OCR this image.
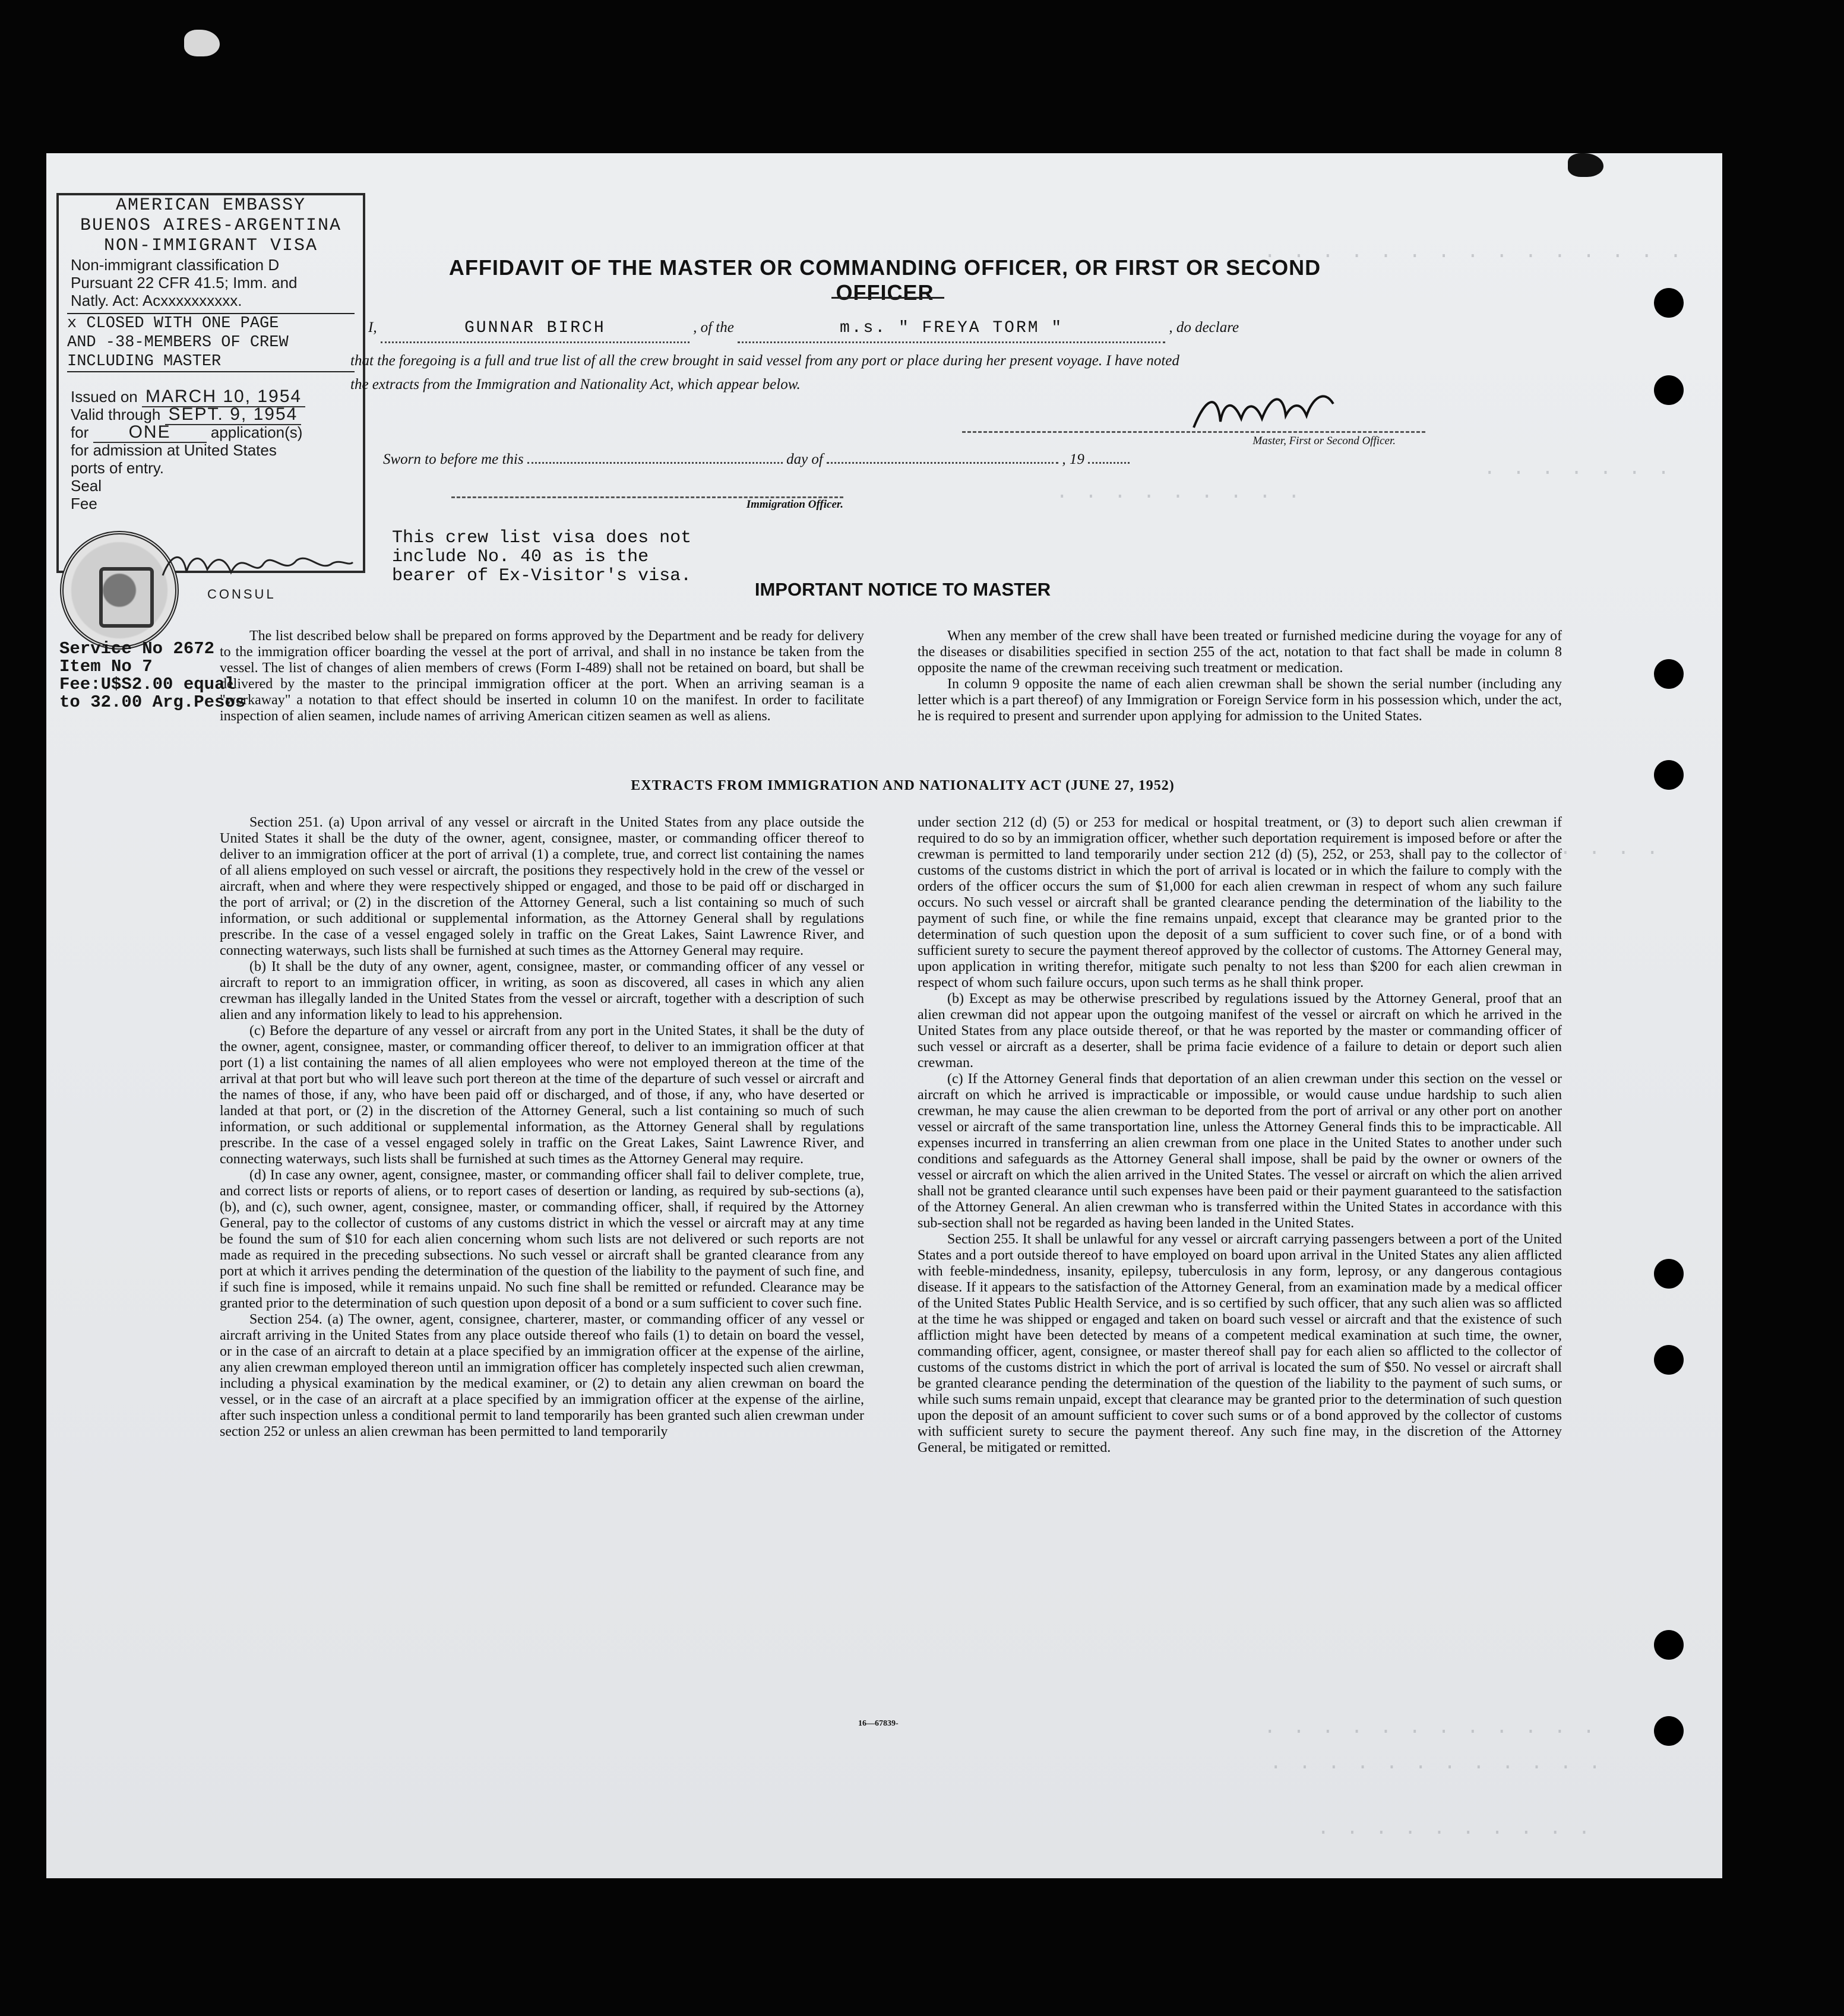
· · · · · · · · · · · · · · ·
· · · · · · ·
· · · · · · · · ·
· · · · · ·
· · · · · · · · · · · ·
· · · · · · · · · · · ·
· · · · · · · · · ·
AMERICAN EMBASSY
BUENOS AIRES-ARGENTINA
NON-IMMIGRANT VISA
Non-immigrant classification D
Pursuant 22 CFR 41.5; Imm. and
Natly. Act: Acxxxxxxxxxx.
x CLOSED WITH ONE PAGE
AND -38-MEMBERS OF CREW
INCLUDING MASTER
Issued on MARCH 10, 1954
Valid through SEPT. 9, 1954
for ONE	application(s)
for admission at United States
ports of entry.
Seal
Fee
CONSUL
Service No 2672
Item No 7
Fee:U$S2.00 equal
to 32.00 Arg.Pesos
AFFIDAVIT OF THE MASTER OR COMMANDING OFFICER, OR FIRST OR SECOND OFFICER
I,	GUNNAR BIRCH	, of the	m.s. " FREYA TORM "	, do declare
that the foregoing is a full and true list of all the crew brought in said vessel from any port or place during her present voyage. I have noted
the extracts from the Immigration and Nationality Act, which appear below.
Master, First or Second Officer.
Sworn to before me this	day of	, 19
Immigration Officer.
This crew list visa does not
include No. 40 as is the
bearer of Ex-Visitor's visa.
IMPORTANT NOTICE TO MASTER

The list described below shall be prepared on forms approved by the Department and be ready for delivery to the immigration officer boarding the vessel at the port of arrival, and shall in no instance be taken from the vessel. The list of changes of alien members of crews (Form I-489) shall not be retained on board, but shall be delivered by the master to the principal immigration officer at the port. When an arriving seaman is a "workaway" a notation to that effect should be inserted in column 10 on the manifest. In order to facilitate inspection of alien seamen, include names of arriving American citizen seamen as well as aliens.

When any member of the crew shall have been treated or furnished medicine during the voyage for any of the diseases or disabilities specified in section 255 of the act, notation to that fact shall be made in column 8 opposite the name of the crewman receiving such treatment or medication.

In column 9 opposite the name of each alien crewman shall be shown the serial number (including any letter which is a part thereof) of any Immigration or Foreign Service form in his possession which, under the act, he is required to present and surrender upon applying for admission to the United States.

EXTRACTS FROM IMMIGRATION AND NATIONALITY ACT (JUNE 27, 1952)

Section 251. (a) Upon arrival of any vessel or aircraft in the United States from any place outside the United States it shall be the duty of the owner, agent, consignee, master, or commanding officer thereof to deliver to an immigration officer at the port of arrival (1) a complete, true, and correct list containing the names of all aliens employed on such vessel or aircraft, the positions they respectively hold in the crew of the vessel or aircraft, when and where they were respectively shipped or engaged, and those to be paid off or discharged in the port of arrival; or (2) in the discretion of the Attorney General, such a list containing so much of such information, or such additional or supplemental information, as the Attorney General shall by regulations prescribe. In the case of a vessel engaged solely in traffic on the Great Lakes, Saint Lawrence River, and connecting waterways, such lists shall be furnished at such times as the Attorney General may require.

(b) It shall be the duty of any owner, agent, consignee, master, or commanding officer of any vessel or aircraft to report to an immigration officer, in writing, as soon as discovered, all cases in which any alien crewman has illegally landed in the United States from the vessel or aircraft, together with a description of such alien and any information likely to lead to his apprehension.

(c) Before the departure of any vessel or aircraft from any port in the United States, it shall be the duty of the owner, agent, consignee, master, or commanding officer thereof, to deliver to an immigration officer at that port (1) a list containing the names of all alien employees who were not employed thereon at the time of the arrival at that port but who will leave such port thereon at the time of the departure of such vessel or aircraft and the names of those, if any, who have been paid off or discharged, and of those, if any, who have deserted or landed at that port, or (2) in the discretion of the Attorney General, such a list containing so much of such information, or such additional or supplemental information, as the Attorney General shall by regulations prescribe. In the case of a vessel engaged solely in traffic on the Great Lakes, Saint Lawrence River, and connecting waterways, such lists shall be furnished at such times as the Attorney General may require.

(d) In case any owner, agent, consignee, master, or commanding officer shall fail to deliver complete, true, and correct lists or reports of aliens, or to report cases of desertion or landing, as required by sub-sections (a), (b), and (c), such owner, agent, consignee, master, or commanding officer, shall, if required by the Attorney General, pay to the collector of customs of any customs district in which the vessel or aircraft may at any time be found the sum of $10 for each alien concerning whom such lists are not delivered or such reports are not made as required in the preceding subsections. No such vessel or aircraft shall be granted clearance from any port at which it arrives pending the determination of the question of the liability to the payment of such fine, and if such fine is imposed, while it remains unpaid. No such fine shall be remitted or refunded. Clearance may be granted prior to the determination of such question upon deposit of a bond or a sum sufficient to cover such fine.

Section 254. (a) The owner, agent, consignee, charterer, master, or commanding officer of any vessel or aircraft arriving in the United States from any place outside thereof who fails (1) to detain on board the vessel, or in the case of an aircraft to detain at a place specified by an immigration officer at the expense of the airline, any alien crewman employed thereon until an immigration officer has completely inspected such alien crewman, including a physical examination by the medical examiner, or (2) to detain any alien crewman on board the vessel, or in the case of an aircraft at a place specified by an immigration officer at the expense of the airline, after such inspection unless a conditional permit to land temporarily has been granted such alien crewman under section 252 or unless an alien crewman has been permitted to land temporarily

under section 212 (d) (5) or 253 for medical or hospital treatment, or (3) to deport such alien crewman if required to do so by an immigration officer, whether such deportation requirement is imposed before or after the crewman is permitted to land temporarily under section 212 (d) (5), 252, or 253, shall pay to the collector of customs of the customs district in which the port of arrival is located or in which the failure to comply with the orders of the officer occurs the sum of $1,000 for each alien crewman in respect of whom any such failure occurs. No such vessel or aircraft shall be granted clearance pending the determination of the liability to the payment of such fine, or while the fine remains unpaid, except that clearance may be granted prior to the determination of such question upon the deposit of a sum sufficient to cover such fine, or of a bond with sufficient surety to secure the payment thereof approved by the collector of customs. The Attorney General may, upon application in writing therefor, mitigate such penalty to not less than $200 for each alien crewman in respect of whom such failure occurs, upon such terms as he shall think proper.

(b) Except as may be otherwise prescribed by regulations issued by the Attorney General, proof that an alien crewman did not appear upon the outgoing manifest of the vessel or aircraft on which he arrived in the United States from any place outside thereof, or that he was reported by the master or commanding officer of such vessel or aircraft as a deserter, shall be prima facie evidence of a failure to detain or deport such alien crewman.

(c) If the Attorney General finds that deportation of an alien crewman under this section on the vessel or aircraft on which he arrived is impracticable or impossible, or would cause undue hardship to such alien crewman, he may cause the alien crewman to be deported from the port of arrival or any other port on another vessel or aircraft of the same transportation line, unless the Attorney General finds this to be impracticable. All expenses incurred in transferring an alien crewman from one place in the United States to another under such conditions and safeguards as the Attorney General shall impose, shall be paid by the owner or owners of the vessel or aircraft on which the alien arrived in the United States. The vessel or aircraft on which the alien arrived shall not be granted clearance until such expenses have been paid or their payment guaranteed to the satisfaction of the Attorney General. An alien crewman who is transferred within the United States in accordance with this sub-section shall not be regarded as having been landed in the United States.

Section 255. It shall be unlawful for any vessel or aircraft carrying passengers between a port of the United States and a port outside thereof to have employed on board upon arrival in the United States any alien afflicted with feeble-mindedness, insanity, epilepsy, tuberculosis in any form, leprosy, or any dangerous contagious disease. If it appears to the satisfaction of the Attorney General, from an examination made by a medical officer of the United States Public Health Service, and is so certified by such officer, that any such alien was so afflicted at the time he was shipped or engaged and taken on board such vessel or aircraft and that the existence of such affliction might have been detected by means of a competent medical examination at such time, the owner, commanding officer, agent, consignee, or master thereof shall pay for each alien so afflicted to the collector of customs of the customs district in which the port of arrival is located the sum of $50. No vessel or aircraft shall be granted clearance pending the determination of the question of the liability to the payment of such sums, or while such sums remain unpaid, except that clearance may be granted prior to the determination of such question upon the deposit of an amount sufficient to cover such sums or of a bond approved by the collector of customs with sufficient surety to secure the payment thereof. Any such fine may, in the discretion of the Attorney General, be mitigated or remitted.

16—67839-
